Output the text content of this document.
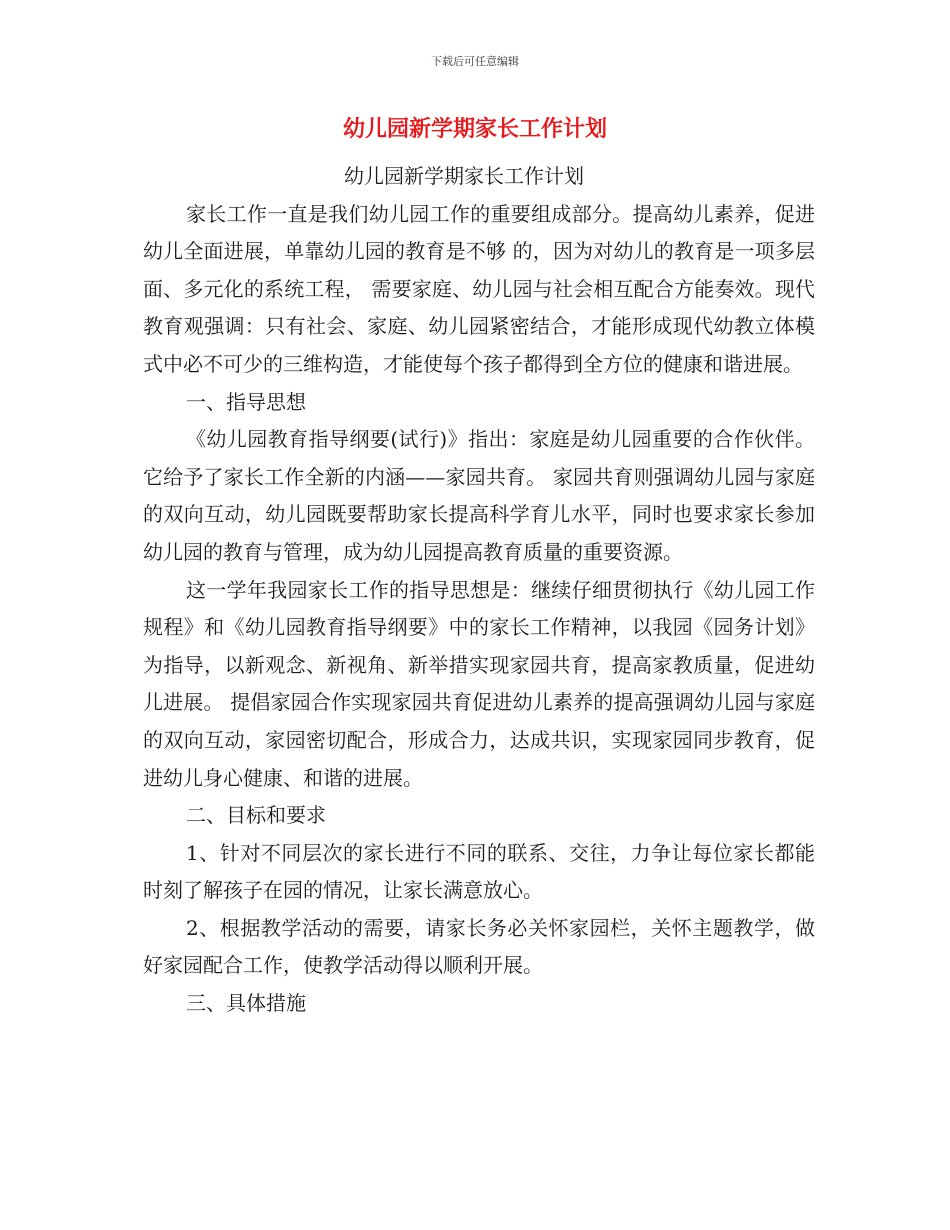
下载后可任意编辑
幼儿园新学期家长工作计划

幼儿园新学期家长工作计划

家长工作一直是我们幼儿园工作的重要组成部分。提高幼儿素养，促进幼儿全面进展，单靠幼儿园的教育是不够 的，因为对幼儿的教育是一项多层面、多元化的系统工程， 需要家庭、幼儿园与社会相互配合方能奏效。现代教育观强调：只有社会、家庭、幼儿园紧密结合，才能形成现代幼教立体模式中必不可少的三维构造，才能使每个孩子都得到全方位的健康和谐进展。

一、指导思想

《幼儿园教育指导纲要(试行)》指出：家庭是幼儿园重要的合作伙伴。它给予了家长工作全新的内涵——家园共育。 家园共育则强调幼儿园与家庭的双向互动，幼儿园既要帮助家长提高科学育儿水平，同时也要求家长参加幼儿园的教育与管理，成为幼儿园提高教育质量的重要资源。

这一学年我园家长工作的指导思想是：继续仔细贯彻执行《幼儿园工作规程》和《幼儿园教育指导纲要》中的家长工作精神，以我园《园务计划》为指导，以新观念、新视角、新举措实现家园共育，提高家教质量，促进幼儿进展。 提倡家园合作实现家园共育促进幼儿素养的提高强调幼儿园与家庭的双向互动，家园密切配合，形成合力，达成共识，实现家园同步教育，促进幼儿身心健康、和谐的进展。

二、目标和要求

1、针对不同层次的家长进行不同的联系、交往，力争让每位家长都能时刻了解孩子在园的情况，让家长满意放心。

2、根据教学活动的需要，请家长务必关怀家园栏，关怀主题教学，做好家园配合工作，使教学活动得以顺利开展。

三、具体措施
